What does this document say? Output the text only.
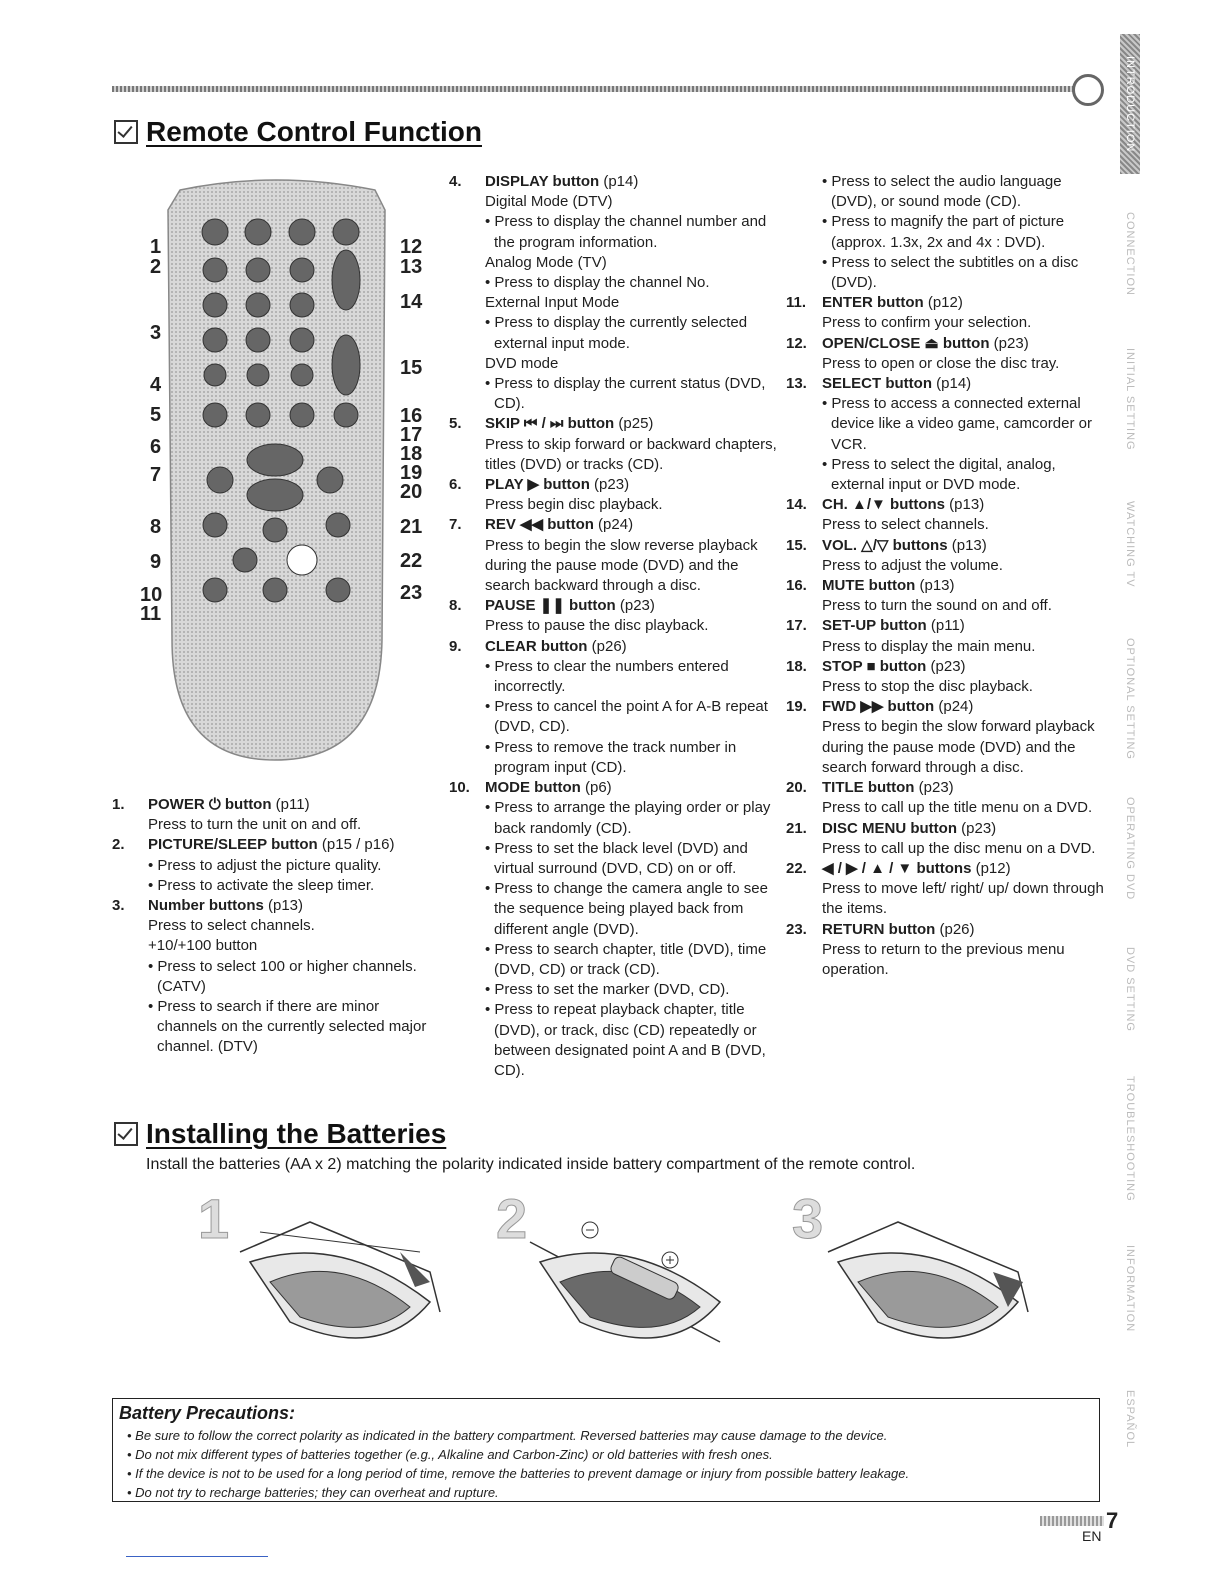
Remote Control Function
1
2
3
4
5
6
7
8
9
10
11
12
13
14
15
16
17
18
19
20
21
22
23
1. POWER ⏻ button (p11)
Press to turn the unit on and off.
2. PICTURE/SLEEP button (p15 / p16)
• Press to adjust the picture quality.
• Press to activate the sleep timer.
3. Number buttons (p13)
Press to select channels.
+10/+100 button
• Press to select 100 or higher channels. (CATV)
• Press to search if there are minor channels on the currently selected major channel. (DTV)
4. DISPLAY button (p14)
Digital Mode (DTV)
• Press to display the channel number and the program information.
Analog Mode (TV)
• Press to display the channel No.
External Input Mode
• Press to display the currently selected external input mode.
DVD mode
• Press to display the current status (DVD, CD).
5. SKIP ⏮ / ⏭ button (p25)
Press to skip forward or backward chapters, titles (DVD) or tracks (CD).
6. PLAY ▶ button (p23)
Press begin disc playback.
7. REV ◀◀ button (p24)
Press to begin the slow reverse playback during the pause mode (DVD) and the search backward through a disc.
8. PAUSE ❚❚ button (p23)
Press to pause the disc playback.
9. CLEAR button (p26)
• Press to clear the numbers entered incorrectly.
• Press to cancel the point A for A-B repeat (DVD, CD).
• Press to remove the track number in program input (CD).
10. MODE button (p6)
• Press to arrange the playing order or play back randomly (CD).
• Press to set the black level (DVD) and virtual surround (DVD, CD) on or off.
• Press to change the camera angle to see the sequence being played back from different angle (DVD).
• Press to search chapter, title (DVD), time (DVD, CD) or track (CD).
• Press to set the marker (DVD, CD).
• Press to repeat playback chapter, title (DVD), or track, disc (CD) repeatedly or between designated point A and B (DVD, CD).
• Press to select the audio language (DVD), or sound mode (CD).
• Press to magnify the part of picture (approx. 1.3x, 2x and 4x : DVD).
• Press to select the subtitles on a disc (DVD).
11. ENTER button (p12)
Press to confirm your selection.
12. OPEN/CLOSE ⏏ button (p23)
Press to open or close the disc tray.
13. SELECT button (p14)
• Press to access a connected external device like a video game, camcorder or VCR.
• Press to select the digital, analog, external input or DVD mode.
14. CH. ▲/▼ buttons (p13)
Press to select channels.
15. VOL. △/▽ buttons (p13)
Press to adjust the volume.
16. MUTE button (p13)
Press to turn the sound on and off.
17. SET-UP button (p11)
Press to display the main menu.
18. STOP ■ button (p23)
Press to stop the disc playback.
19. FWD ▶▶ button (p24)
Press to begin the slow forward playback during the pause mode (DVD) and the search forward through a disc.
20. TITLE button (p23)
Press to call up the title menu on a DVD.
21. DISC MENU button (p23)
Press to call up the disc menu on a DVD.
22. ◀ / ▶ / ▲ / ▼ buttons (p12)
Press to move left/ right/ up/ down through the items.
23. RETURN button (p26)
Press to return to the previous menu operation.
Installing the Batteries
Install the batteries (AA x 2) matching the polarity indicated inside battery compartment of the remote control.
1	2	3
Battery Precautions:
• Be sure to follow the correct polarity as indicated in the battery compartment. Reversed batteries may cause damage to the device.
• Do not mix different types of batteries together (e.g., Alkaline and Carbon-Zinc) or old batteries with fresh ones.
• If the device is not to be used for a long period of time, remove the batteries to prevent damage or injury from possible battery leakage.
• Do not try to recharge batteries; they can overheat and rupture.
INTRODUCTION
CONNECTION
INITIAL SETTING
WATCHING TV
OPTIONAL SETTING
OPERATING DVD
DVD SETTING
TROUBLESHOOTING
INFORMATION
ESPAÑOL
7
EN
